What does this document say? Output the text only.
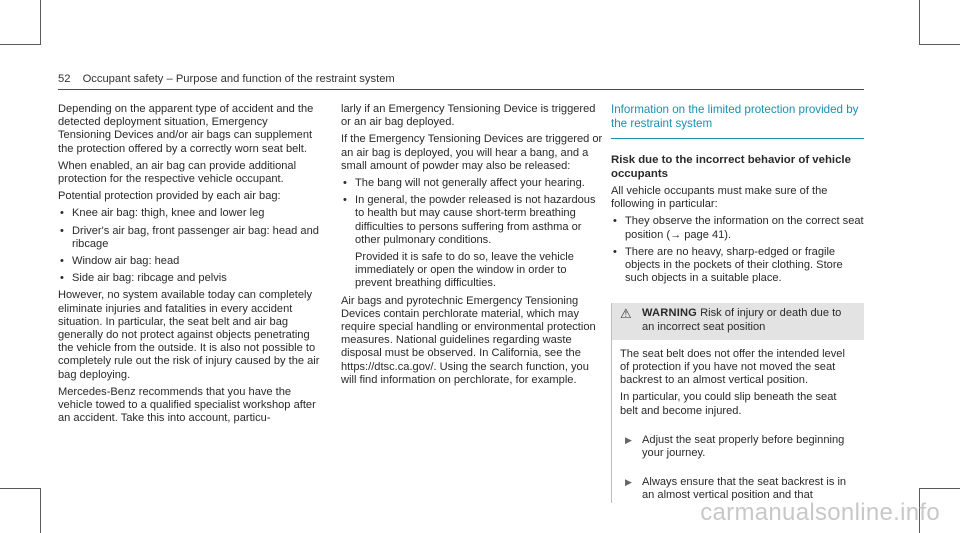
52 Occupant safety – Purpose and function of the restraint system

Depending on the apparent type of accident and the detected deployment situation, Emergency Tensioning Devices and/or air bags can supplement the protection offered by a correctly worn seat belt.

When enabled, an air bag can provide additional protection for the respective vehicle occupant.

Potential protection provided by each air bag:

• Knee air bag: thigh, knee and lower leg
• Driver's air bag, front passenger air bag: head and ribcage
• Window air bag: head
• Side air bag: ribcage and pelvis

However, no system available today can completely eliminate injuries and fatalities in every accident situation. In particular, the seat belt and air bag generally do not protect against objects penetrating the vehicle from the outside. It is also not possible to completely rule out the risk of injury caused by the air bag deploying.

Mercedes-Benz recommends that you have the vehicle towed to a qualified specialist workshop after an accident. Take this into account, particu-

larly if an Emergency Tensioning Device is triggered or an air bag deployed.

If the Emergency Tensioning Devices are triggered or an air bag is deployed, you will hear a bang, and a small amount of powder may also be released:

• The bang will not generally affect your hearing.

• In general, the powder released is not hazardous to health but may cause short-term breathing difficulties to persons suffering from asthma or other pulmonary conditions.

Provided it is safe to do so, leave the vehicle immediately or open the window in order to prevent breathing difficulties.

Air bags and pyrotechnic Emergency Tensioning Devices contain perchlorate material, which may require special handling or environmental protection measures. National guidelines regarding waste disposal must be observed. In California, see the https://dtsc.ca.gov/. Using the search function, you will find information on perchlorate, for example.

Information on the limited protection provided by the restraint system

Risk due to the incorrect behavior of vehicle occupants

All vehicle occupants must make sure of the following in particular:

• They observe the information on the correct seat position (→ page 41).
• There are no heavy, sharp-edged or fragile objects in the pockets of their clothing. Store such objects in a suitable place.
⚠ WARNING Risk of injury or death due to an incorrect seat position

The seat belt does not offer the intended level of protection if you have not moved the seat backrest to an almost vertical position.

In particular, you could slip beneath the seat belt and become injured.

▶ Adjust the seat properly before beginning your journey.
▶ Always ensure that the seat backrest is in an almost vertical position and that
carmanualsonline.info
